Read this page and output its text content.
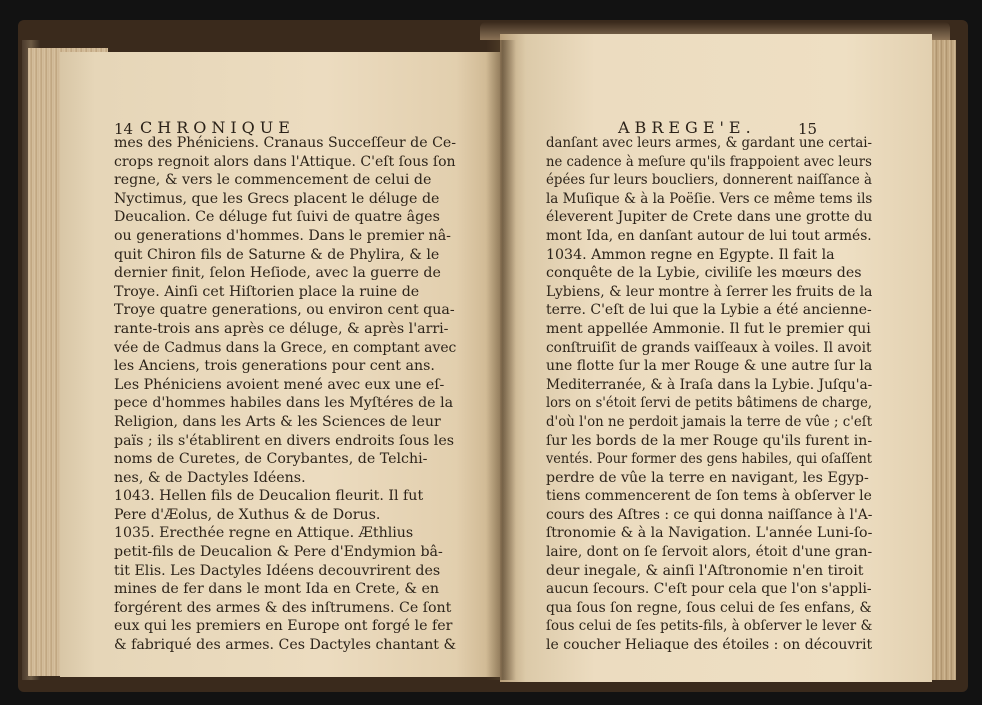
14 CHRONIQUE
mes des Phéniciens. Cranaus Succeſſeur de Ce-
crops regnoit alors dans l'Attique. C'eſt ſous ſon
regne, & vers le commencement de celui de
Nyctimus, que les Grecs placent le déluge de
Deucalion. Ce déluge fut ſuivi de quatre âges
ou generations d'hommes. Dans le premier nâ-
quit Chiron fils de Saturne & de Phylira, & le
dernier finit, ſelon Heſiode, avec la guerre de
Troye. Ainſi cet Hiſtorien place la ruine de
Troye quatre generations, ou environ cent qua-
rante-trois ans après ce déluge, & après l'arri-
vée de Cadmus dans la Grece, en comptant avec
les Anciens, trois generations pour cent ans.
Les Phéniciens avoient mené avec eux une eſ-
pece d'hommes habiles dans les Myſtéres de la
Religion, dans les Arts & les Sciences de leur
païs ; ils s'établirent en divers endroits ſous les
noms de Curetes, de Corybantes, de Telchi-
nes, & de Dactyles Idéens.
1043. Hellen fils de Deucalion fleurit. Il fut
Pere d'Æolus, de Xuthus & de Dorus.
1035. Erecthée regne en Attique. Æthlius
petit-fils de Deucalion & Pere d'Endymion bâ-
tit Elis. Les Dactyles Idéens decouvrirent des
mines de fer dans le mont Ida en Crete, & en
forgérent des armes & des inſtrumens. Ce ſont
eux qui les premiers en Europe ont forgé le fer
& fabriqué des armes. Ces Dactyles chantant &
ABREGE'E.	15
danſant avec leurs armes, & gardant une certai-
ne cadence à meſure qu'ils frappoient avec leurs
épées ſur leurs boucliers, donnerent naiſſance à
la Muſique & à la Poëſie. Vers ce même tems ils
éleverent Jupiter de Crete dans une grotte du
mont Ida, en danſant autour de lui tout armés.
1034. Ammon regne en Egypte. Il fait la
conquête de la Lybie, civiliſe les mœurs des
Lybiens, & leur montre à ſerrer les fruits de la
terre. C'eſt de lui que la Lybie a été ancienne-
ment appellée Ammonie. Il fut le premier qui
conſtruiſit de grands vaiſſeaux à voiles. Il avoit
une flotte ſur la mer Rouge & une autre ſur la
Mediterranée, & à Iraſa dans la Lybie. Juſqu'a-
lors on s'étoit ſervi de petits bâtimens de charge,
d'où l'on ne perdoit jamais la terre de vûe ; c'eſt
ſur les bords de la mer Rouge qu'ils furent in-
ventés. Pour former des gens habiles, qui oſaſſent
perdre de vûe la terre en navigant, les Egyp-
tiens commencerent de ſon tems à obſerver le
cours des Aſtres : ce qui donna naiſſance à l'A-
ſtronomie & à la Navigation. L'année Luni-ſo-
laire, dont on ſe ſervoit alors, étoit d'une gran-
deur inegale, & ainſi l'Aſtronomie n'en tiroit
aucun ſecours. C'eſt pour cela que l'on s'appli-
qua ſous ſon regne, ſous celui de ſes enfans, &
ſous celui de ſes petits-fils, à obſerver le lever &
le coucher Heliaque des étoiles : on découvrit
